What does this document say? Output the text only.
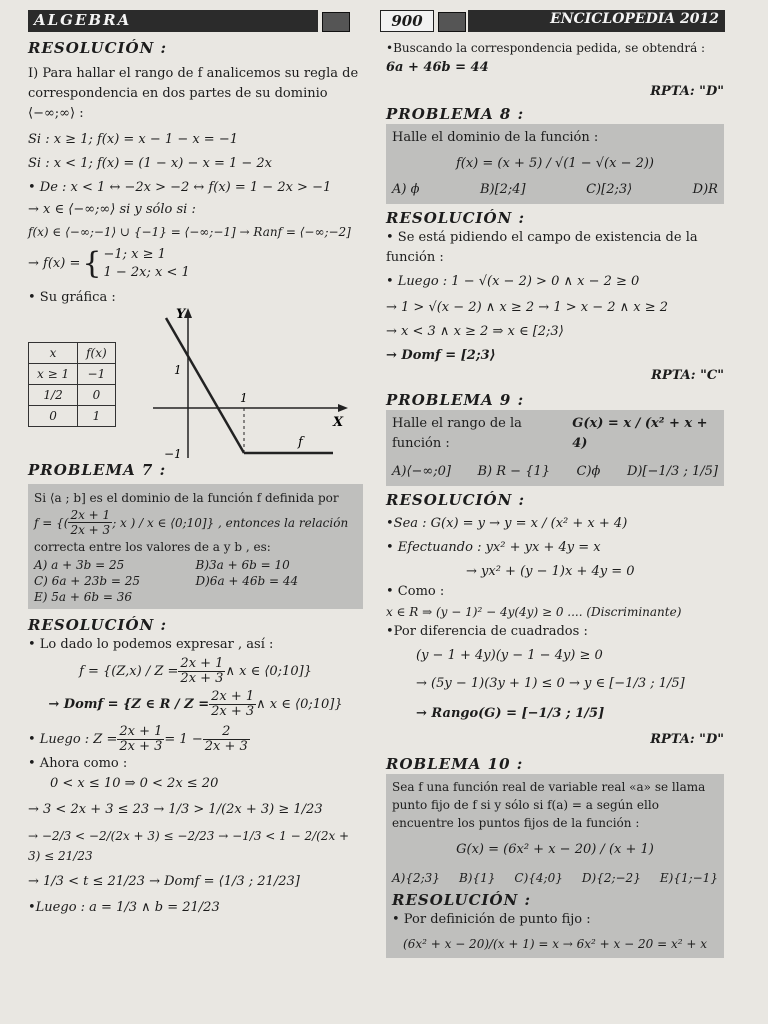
ALGEBRA	900	ENCICLOPEDIA 2012

RESOLUCIÓN :

I) Para hallar el rango de f analicemos su regla de correspondencia en dos partes de su dominio ⟨−∞;∞⟩ :

Si : x ≥ 1; f(x) = x − 1 − x = −1

Si : x < 1; f(x) = (1 − x) − x = 1 − 2x

• De : x < 1 ↔ −2x > −2 ↔ f(x) = 1 − 2x > −1

→ x ∈ ⟨−∞;∞⟩ si y sólo si :

f(x) ∈ ⟨−∞;−1⟩ ∪ {−1} = ⟨−∞;−1] → Ranf = ⟨−∞;−2]

→ f(x) = { −1; x ≥ 1
1 − 2x; x < 1

• Su gráfica :

x	f(x)
x ≥ 1	−1
1/2	0
0	1
Y
X
1
1
−1
f

PROBLEMA 7 :

Si ⟨a ; b] es el dominio de la función f definida por

f = {( $\frac{2x + 1}{2x + 3}$ ; x ) / x ∈ ⟨0;10]} , entonces la relación

correcta entre los valores de a y b , es:

A) a + 3b = 25	B)3a + 6b = 10
C) 6a + 23b = 25	D)6a + 46b = 44
E) 5a + 6b = 36

RESOLUCIÓN :

• Lo dado lo podemos expresar , así :

$f = \{(Z,x) / Z = \frac{2x + 1}{2x + 3}$ ∧ x ∈ ⟨0;10]}

→ Domf = {Z ∈ $R / Z = \frac{2x + 1}{2x + 3}$ ∧ x ∈ ⟨0;10]}

• Luego : $Z = \frac{2x + 1}{2x + 3} = 1 - \frac{2}{2x + 3}$

• Ahora como :

0 < x ≤ 10 ⇒ 0 < 2x ≤ 20

→ 3 < 2x + 3 ≤ 23 → 1/3 > 1/(2x + 3) ≥ 1/23

→ −2/3 < −2/(2x + 3) ≤ −2/23 → −1/3 < 1 − 2/(2x + 3) ≤ 21/23

→ 1/3 < t ≤ 21/23 → Domf = ⟨1/3 ; 21/23]

•Luego : a = 1/3 ∧ b = 21/23

•Buscando la correspondencia pedida, se obtendrá :

6a + 46b = 44

RPTA: "D"

PROBLEMA 8 :

Halle el dominio de la función :

f(x) = (x + 5) / √(1 − √(x − 2))

A) ϕ	B)[2;4]	C)[2;3⟩	D)R

RESOLUCIÓN :

• Se está pidiendo el campo de existencia de la función :

• Luego : 1 − √(x − 2) > 0 ∧ x − 2 ≥ 0

→ 1 > √(x − 2) ∧ x ≥ 2 → 1 > x − 2 ∧ x ≥ 2

→ x < 3 ∧ x ≥ 2 ⇒ x ∈ [2;3⟩

→ Domf = [2;3⟩

RPTA: "C"

PROBLEMA 9 :

Halle el rango de la función :
G(x) = x / (x² + x + 4)

A)⟨−∞;0] B) R − {1} C)ϕ D)[−1/3 ; 1/5]

RESOLUCIÓN :

•Sea : G(x) = y → y = x / (x² + x + 4)

• Efectuando : yx² + yx + 4y = x

→ yx² + (y − 1)x + 4y = 0

• Como :

x ∈ R ⇒ (y − 1)² − 4y(4y) ≥ 0 .... (Discriminante)

•Por diferencia de cuadrados :

(y − 1 + 4y)(y − 1 − 4y) ≥ 0

→ (5y − 1)(3y + 1) ≤ 0 → y ∈ [−1/3 ; 1/5]

→ Rango(G) = [−1/3 ; 1/5]

RPTA: "D"

ROBLEMA 10 :

Sea f una función real de variable real «a» se llama punto fijo de f si y sólo si f(a) = a según ello encuentre los puntos fijos de la función :

G(x) = (6x² + x − 20) / (x + 1)

A){2;3} B){1} C){4;0} D){2;−2} E){1;−1}

RESOLUCIÓN :

• Por definición de punto fijo :

(6x² + x − 20)/(x + 1) = x → 6x² + x − 20 = x² + x
